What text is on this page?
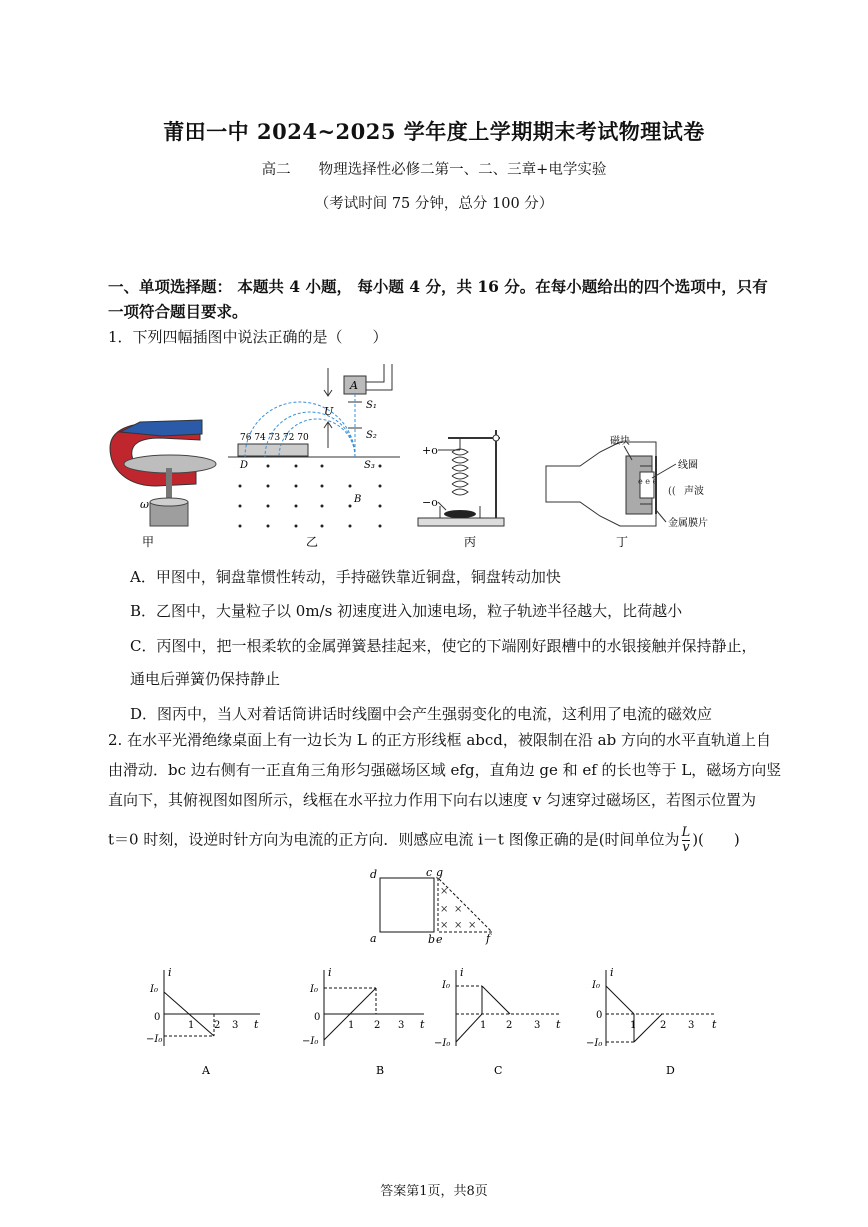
莆田一中 2024~2025 学年度上学期期末考试物理试卷
高二 物理选择性必修二第一、二、三章+电学实验
（考试时间 75 分钟，总分 100 分）
一、单项选择题： 本题共 4 小题， 每小题 4 分，共 16 分。在每小题给出的四个选项中，只有一项符合题目要求。
1．下列四幅插图中说法正确的是（　　）
ω
甲
A
U	S₁
S₂
76 74 73 72 70
D	S₃
B
乙
+o
−o
丙
e e e
磁块
线圈
(( 声波
金属膜片
丁
A．甲图中，铜盘靠惯性转动，手持磁铁靠近铜盘，铜盘转动加快
B．乙图中，大量粒子以 0m/s 初速度进入加速电场，粒子轨迹半径越大，比荷越小
C．丙图中，把一根柔软的金属弹簧悬挂起来，使它的下端刚好跟槽中的水银接触并保持静止，
通电后弹簧仍保持静止
D．图丙中，当人对着话筒讲话时线圈中会产生强弱变化的电流，这利用了电流的磁效应
2. 在水平光滑绝缘桌面上有一边长为 L 的正方形线框 abcd，被限制在沿 ab 方向的水平直轨道上自
由滑动．bc 边右侧有一正直角三角形匀强磁场区域 efg，直角边 ge 和 ef 的长也等于 L，磁场方向竖
直向下，其俯视图如图所示，线框在水平拉力作用下向右以速度 v 匀速穿过磁场区，若图示位置为
t＝0 时刻，设逆时针方向为电流的正方向．则感应电流 i－t 图像正确的是(时间单位为 $\frac{L}{v}$ )(　　)
d	c g
a	b e	f
×
× ×
× × ×
i
t
I₀
0
−I₀
1 2 3
A
i
t
I₀
0
−I₀
1 2 3
B
i
t
I₀
−I₀
1 2 3
C
i
t
I₀
0
−I₀
1 2 3
D
答案第1页，共8页
